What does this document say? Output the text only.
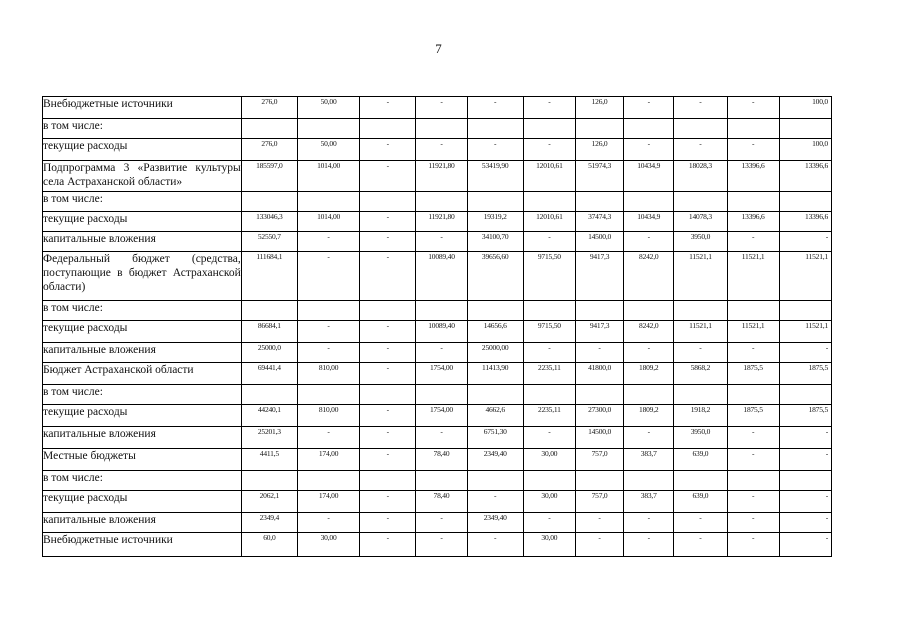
7
Внебюджетные источники	276,0	50,00	-	-	-	-	126,0	-	-	-	100,0
в том числе:											
текущие расходы	276,0	50,00	-	-	-	-	126,0	-	-	-	100,0
Подпрограмма 3 «Развитие культуры села Астраханской области»	185597,0	1014,00	-	11921,80	53419,90	12010,61	51974,3	10434,9	18028,3	13396,6	13396,6
в том числе:											
текущие расходы	133046,3	1014,00	-	11921,80	19319,2	12010,61	37474,3	10434,9	14078,3	13396,6	13396,6
капитальные вложения	52550,7	-	-	-	34100,70	-	14500,0	-	3950,0	-	-
Федеральный бюджет (средства, поступающие в бюджет Астраханской области)	111684,1	-	-	10089,40	39656,60	9715,50	9417,3	8242,0	11521,1	11521,1	11521,1
в том числе:											
текущие расходы	86684,1	-	-	10089,40	14656,6	9715,50	9417,3	8242,0	11521,1	11521,1	11521,1
капитальные вложения	25000,0	-	-	-	25000,00	-	-	-	-	-	-
Бюджет Астраханской области	69441,4	810,00	-	1754,00	11413,90	2235,11	41800,0	1809,2	5868,2	1875,5	1875,5
в том числе:											
текущие расходы	44240,1	810,00	-	1754,00	4662,6	2235,11	27300,0	1809,2	1918,2	1875,5	1875,5
капитальные вложения	25201,3	-	-	-	6751,30	-	14500,0	-	3950,0	-	-
Местные бюджеты	4411,5	174,00	-	78,40	2349,40	30,00	757,0	383,7	639,0	-	-
в том числе:											
текущие расходы	2062,1	174,00	-	78,40	-	30,00	757,0	383,7	639,0	-	-
капитальные вложения	2349,4	-	-	-	2349,40	-	-	-	-	-	-
Внебюджетные источники	60,0	30,00	-	-	-	30,00	-	-	-	-	-
